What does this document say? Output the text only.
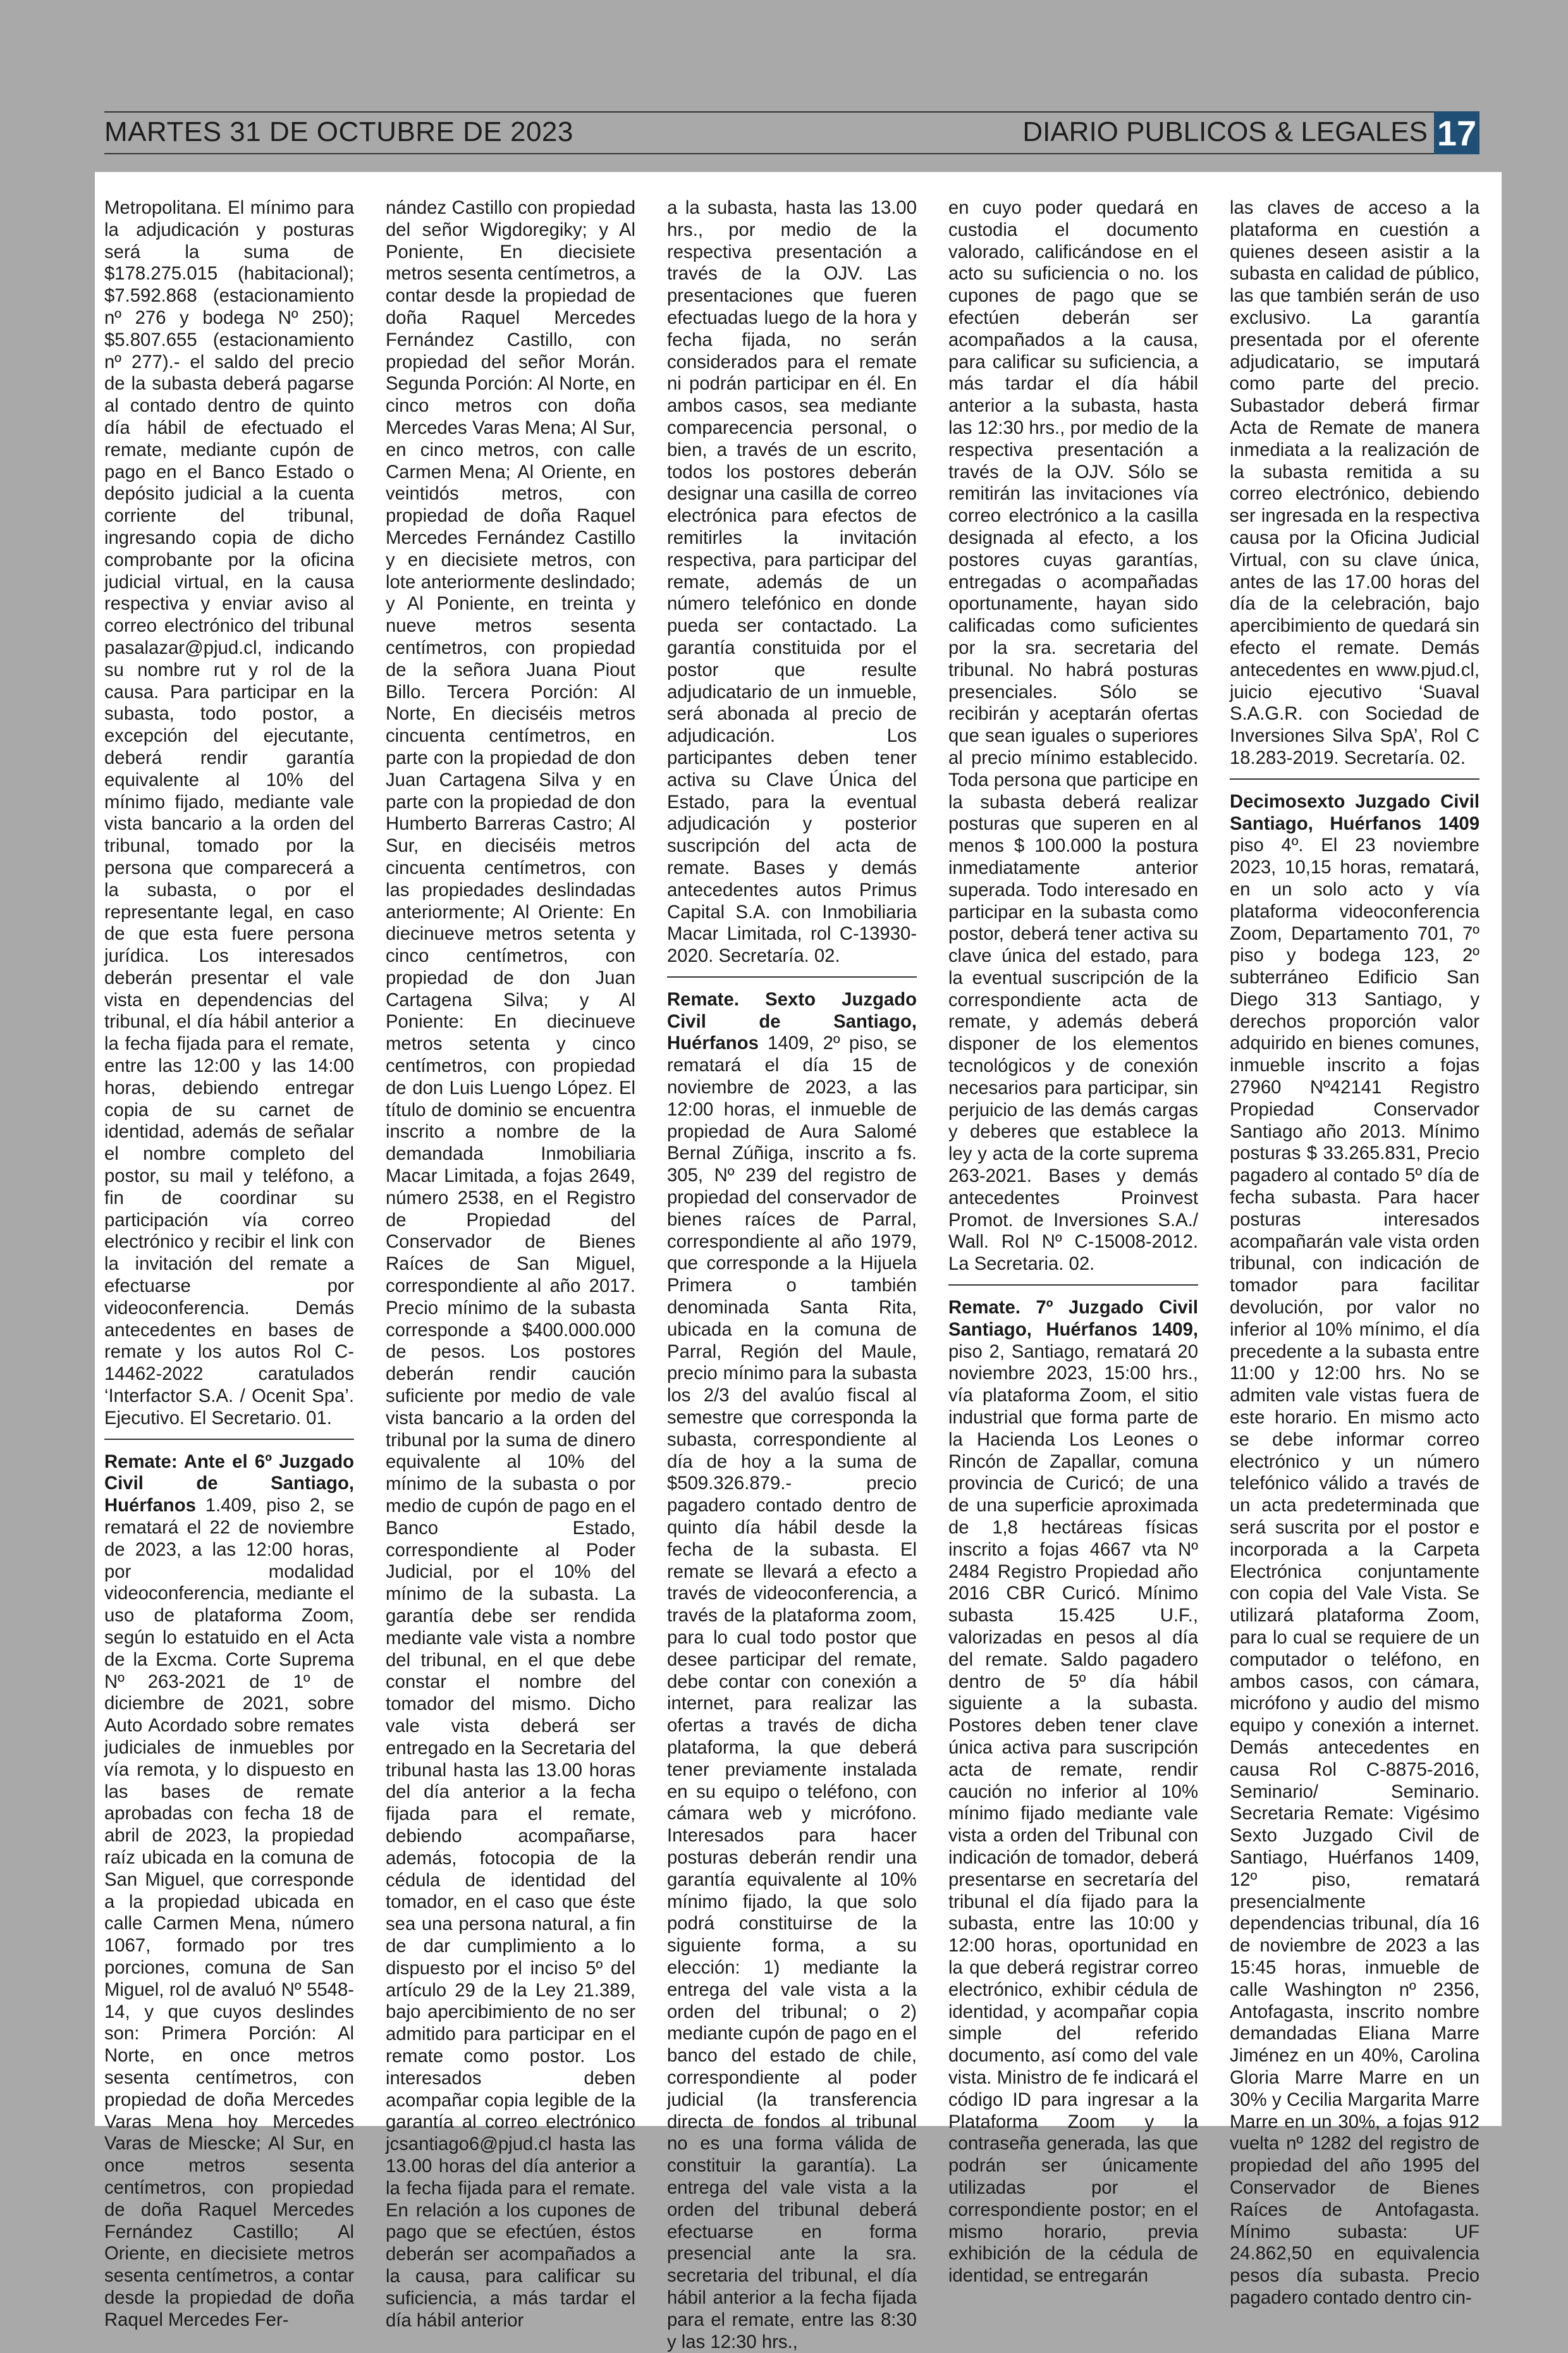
MARTES 31 DE OCTUBRE DE 2023	DIARIO PUBLICOS & LEGALES 17

Metropolitana. El mínimo para la adjudicación y posturas será la suma de $178.275.015 (habitacional); $7.592.868 (estacionamiento nº 276 y bodega Nº 250); $5.807.655 (estacionamiento nº 277).- el saldo del precio de la subasta deberá pagarse al contado dentro de quinto día hábil de efectuado el remate, mediante cupón de pago en el Banco Estado o depósito judicial a la cuenta corriente del tribunal, ingresando copia de dicho comprobante por la oficina judicial virtual, en la causa respectiva y enviar aviso al correo electrónico del tribunal pasalazar@pjud.cl, indicando su nombre rut y rol de la causa. Para participar en la subasta, todo postor, a excepción del ejecutante, deberá rendir garantía equivalente al 10% del mínimo fijado, mediante vale vista bancario a la orden del tribunal, tomado por la persona que comparecerá a la subasta, o por el representante legal, en caso de que esta fuere persona jurídica. Los interesados deberán presentar el vale vista en dependencias del tribunal, el día hábil anterior a la fecha fijada para el remate, entre las 12:00 y las 14:00 horas, debiendo entregar copia de su carnet de identidad, además de señalar el nombre completo del postor, su mail y teléfono, a fin de coordinar su participación vía correo electrónico y recibir el link con la invitación del remate a efectuarse por videoconferencia. Demás antecedentes en bases de remate y los autos Rol C-14462-2022 caratulados ‘Interfactor S.A. / Ocenit Spa’. Ejecutivo. El Secretario. 01.

Remate: Ante el 6º Juzgado Civil de Santiago, Huérfanos 1.409, piso 2, se rematará el 22 de noviembre de 2023, a las 12:00 horas, por modalidad videoconferencia, mediante el uso de plataforma Zoom, según lo estatuido en el Acta de la Excma. Corte Suprema Nº 263-2021 de 1º de diciembre de 2021, sobre Auto Acordado sobre remates judiciales de inmuebles por vía remota, y lo dispuesto en las bases de remate aprobadas con fecha 18 de abril de 2023, la propiedad raíz ubicada en la comuna de San Miguel, que corresponde a la propiedad ubicada en calle Carmen Mena, número 1067, formado por tres porciones, comuna de San Miguel, rol de avaluó Nº 5548-14, y que cuyos deslindes son: Primera Porción: Al Norte, en once metros sesenta centímetros, con propiedad de doña Mercedes Varas Mena hoy Mercedes Varas de Miescke; Al Sur, en once metros sesenta centímetros, con propiedad de doña Raquel Mercedes Fernández Castillo; Al Oriente, en diecisiete metros sesenta centímetros, a contar desde la propiedad de doña Raquel Mercedes Fer-

nández Castillo con propiedad del señor Wigdoregiky; y Al Poniente, En diecisiete metros sesenta centímetros, a contar desde la propiedad de doña Raquel Mercedes Fernández Castillo, con propiedad del señor Morán. Segunda Porción: Al Norte, en cinco metros con doña Mercedes Varas Mena; Al Sur, en cinco metros, con calle Carmen Mena; Al Oriente, en veintidós metros, con propiedad de doña Raquel Mercedes Fernández Castillo y en diecisiete metros, con lote anteriormente deslindado; y Al Poniente, en treinta y nueve metros sesenta centímetros, con propiedad de la señora Juana Piout Billo. Tercera Porción: Al Norte, En dieciséis metros cincuenta centímetros, en parte con la propiedad de don Juan Cartagena Silva y en parte con la propiedad de don Humberto Barreras Castro; Al Sur, en dieciséis metros cincuenta centímetros, con las propiedades deslindadas anteriormente; Al Oriente: En diecinueve metros setenta y cinco centímetros, con propiedad de don Juan Cartagena Silva; y Al Poniente: En diecinueve metros setenta y cinco centímetros, con propiedad de don Luis Luengo López. El título de dominio se encuentra inscrito a nombre de la demandada Inmobiliaria Macar Limitada, a fojas 2649, número 2538, en el Registro de Propiedad del Conservador de Bienes Raíces de San Miguel, correspondiente al año 2017. Precio mínimo de la subasta corresponde a $400.000.000 de pesos. Los postores deberán rendir caución suficiente por medio de vale vista bancario a la orden del tribunal por la suma de dinero equivalente al 10% del mínimo de la subasta o por medio de cupón de pago en el Banco Estado, correspondiente al Poder Judicial, por el 10% del mínimo de la subasta. La garantía debe ser rendida mediante vale vista a nombre del tribunal, en el que debe constar el nombre del tomador del mismo. Dicho vale vista deberá ser entregado en la Secretaria del tribunal hasta las 13.00 horas del día anterior a la fecha fijada para el remate, debiendo acompañarse, además, fotocopia de la cédula de identidad del tomador, en el caso que éste sea una persona natural, a fin de dar cumplimiento a lo dispuesto por el inciso 5º del artículo 29 de la Ley 21.389, bajo apercibimiento de no ser admitido para participar en el remate como postor. Los interesados deben acompañar copia legible de la garantía al correo electrónico jcsantiago6@pjud.cl hasta las 13.00 horas del día anterior a la fecha fijada para el remate. En relación a los cupones de pago que se efectúen, éstos deberán ser acompañados a la causa, para calificar su suficiencia, a más tardar el día hábil anterior

a la subasta, hasta las 13.00 hrs., por medio de la respectiva presentación a través de la OJV. Las presentaciones que fueren efectuadas luego de la hora y fecha fijada, no serán considerados para el remate ni podrán participar en él. En ambos casos, sea mediante comparecencia personal, o bien, a través de un escrito, todos los postores deberán designar una casilla de correo electrónica para efectos de remitirles la invitación respectiva, para participar del remate, además de un número telefónico en donde pueda ser contactado. La garantía constituida por el postor que resulte adjudicatario de un inmueble, será abonada al precio de adjudicación. Los participantes deben tener activa su Clave Única del Estado, para la eventual adjudicación y posterior suscripción del acta de remate. Bases y demás antecedentes autos Primus Capital S.A. con Inmobiliaria Macar Limitada, rol C-13930-2020. Secretaría. 02.

Remate. Sexto Juzgado Civil de Santiago, Huérfanos 1409, 2º piso, se rematará el día 15 de noviembre de 2023, a las 12:00 horas, el inmueble de propiedad de Aura Salomé Bernal Zúñiga, inscrito a fs. 305, Nº 239 del registro de propiedad del conservador de bienes raíces de Parral, correspondiente al año 1979, que corresponde a la Hijuela Primera o también denominada Santa Rita, ubicada en la comuna de Parral, Región del Maule, precio mínimo para la subasta los 2/3 del avalúo fiscal al semestre que corresponda la subasta, correspondiente al día de hoy a la suma de $509.326.879.- precio pagadero contado dentro de quinto día hábil desde la fecha de la subasta. El remate se llevará a efecto a través de videoconferencia, a través de la plataforma zoom, para lo cual todo postor que desee participar del remate, debe contar con conexión a internet, para realizar las ofertas a través de dicha plataforma, la que deberá tener previamente instalada en su equipo o teléfono, con cámara web y micrófono. Interesados para hacer posturas deberán rendir una garantía equivalente al 10% mínimo fijado, la que solo podrá constituirse de la siguiente forma, a su elección: 1) mediante la entrega del vale vista a la orden del tribunal; o 2) mediante cupón de pago en el banco del estado de chile, correspondiente al poder judicial (la transferencia directa de fondos al tribunal no es una forma válida de constituir la garantía). La entrega del vale vista a la orden del tribunal deberá efectuarse en forma presencial ante la sra. secretaria del tribunal, el día hábil anterior a la fecha fijada para el remate, entre las 8:30 y las 12:30 hrs.,

en cuyo poder quedará en custodia el documento valorado, calificándose en el acto su suficiencia o no. los cupones de pago que se efectúen deberán ser acompañados a la causa, para calificar su suficiencia, a más tardar el día hábil anterior a la subasta, hasta las 12:30 hrs., por medio de la respectiva presentación a través de la OJV. Sólo se remitirán las invitaciones vía correo electrónico a la casilla designada al efecto, a los postores cuyas garantías, entregadas o acompañadas oportunamente, hayan sido calificadas como suficientes por la sra. secretaria del tribunal. No habrá posturas presenciales. Sólo se recibirán y aceptarán ofertas que sean iguales o superiores al precio mínimo establecido. Toda persona que participe en la subasta deberá realizar posturas que superen en al menos $ 100.000 la postura inmediatamente anterior superada. Todo interesado en participar en la subasta como postor, deberá tener activa su clave única del estado, para la eventual suscripción de la correspondiente acta de remate, y además deberá disponer de los elementos tecnológicos y de conexión necesarios para participar, sin perjuicio de las demás cargas y deberes que establece la ley y acta de la corte suprema 263-2021. Bases y demás antecedentes Proinvest Promot. de Inversiones S.A./ Wall. Rol Nº C-15008-2012. La Secretaria. 02.

Remate. 7º Juzgado Civil Santiago, Huérfanos 1409, piso 2, Santiago, rematará 20 noviembre 2023, 15:00 hrs., vía plataforma Zoom, el sitio industrial que forma parte de la Hacienda Los Leones o Rincón de Zapallar, comuna provincia de Curicó; de una de una superficie aproximada de 1,8 hectáreas físicas inscrito a fojas 4667 vta Nº 2484 Registro Propiedad año 2016 CBR Curicó. Mínimo subasta 15.425 U.F., valorizadas en pesos al día del remate. Saldo pagadero dentro de 5º día hábil siguiente a la subasta. Postores deben tener clave única activa para suscripción acta de remate, rendir caución no inferior al 10% mínimo fijado mediante vale vista a orden del Tribunal con indicación de tomador, deberá presentarse en secretaría del tribunal el día fijado para la subasta, entre las 10:00 y 12:00 horas, oportunidad en la que deberá registrar correo electrónico, exhibir cédula de identidad, y acompañar copia simple del referido documento, así como del vale vista. Ministro de fe indicará el código ID para ingresar a la Plataforma Zoom y la contraseña generada, las que podrán ser únicamente utilizadas por el correspondiente postor; en el mismo horario, previa exhibición de la cédula de identidad, se entregarán

las claves de acceso a la plataforma en cuestión a quienes deseen asistir a la subasta en calidad de público, las que también serán de uso exclusivo. La garantía presentada por el oferente adjudicatario, se imputará como parte del precio. Subastador deberá firmar Acta de Remate de manera inmediata a la realización de la subasta remitida a su correo electrónico, debiendo ser ingresada en la respectiva causa por la Oficina Judicial Virtual, con su clave única, antes de las 17.00 horas del día de la celebración, bajo apercibimiento de quedará sin efecto el remate. Demás antecedentes en www.pjud.cl, juicio ejecutivo ‘Suaval S.A.G.R. con Sociedad de Inversiones Silva SpA’, Rol C 18.283-2019. Secretaría. 02.

Decimosexto Juzgado Civil Santiago, Huérfanos 1409 piso 4º. El 23 noviembre 2023, 10,15 horas, rematará, en un solo acto y vía plataforma videoconferencia Zoom, Departamento 701, 7º piso y bodega 123, 2º subterráneo Edificio San Diego 313 Santiago, y derechos proporción valor adquirido en bienes comunes, inmueble inscrito a fojas 27960 Nº42141 Registro Propiedad Conservador Santiago año 2013. Mínimo posturas $ 33.265.831, Precio pagadero al contado 5º día de fecha subasta. Para hacer posturas interesados acompañarán vale vista orden tribunal, con indicación de tomador para facilitar devolución, por valor no inferior al 10% mínimo, el día precedente a la subasta entre 11:00 y 12:00 hrs. No se admiten vale vistas fuera de este horario. En mismo acto se debe informar correo electrónico y un número telefónico válido a través de un acta predeterminada que será suscrita por el postor e incorporada a la Carpeta Electrónica conjuntamente con copia del Vale Vista. Se utilizará plataforma Zoom, para lo cual se requiere de un computador o teléfono, en ambos casos, con cámara, micrófono y audio del mismo equipo y conexión a internet. Demás antecedentes en causa Rol C-8875-2016, Seminario/ Seminario. Secretaria Remate: Vigésimo Sexto Juzgado Civil de Santiago, Huérfanos 1409, 12º piso, rematará presencialmente dependencias tribunal, día 16 de noviembre de 2023 a las 15:45 horas, inmueble de calle Washington nº 2356, Antofagasta, inscrito nombre demandadas Eliana Marre Jiménez en un 40%, Carolina Gloria Marre Marre en un 30% y Cecilia Margarita Marre Marre en un 30%, a fojas 912 vuelta nº 1282 del registro de propiedad del año 1995 del Conservador de Bienes Raíces de Antofagasta. Mínimo subasta: UF 24.862,50 en equivalencia pesos día subasta. Precio pagadero contado dentro cin-
